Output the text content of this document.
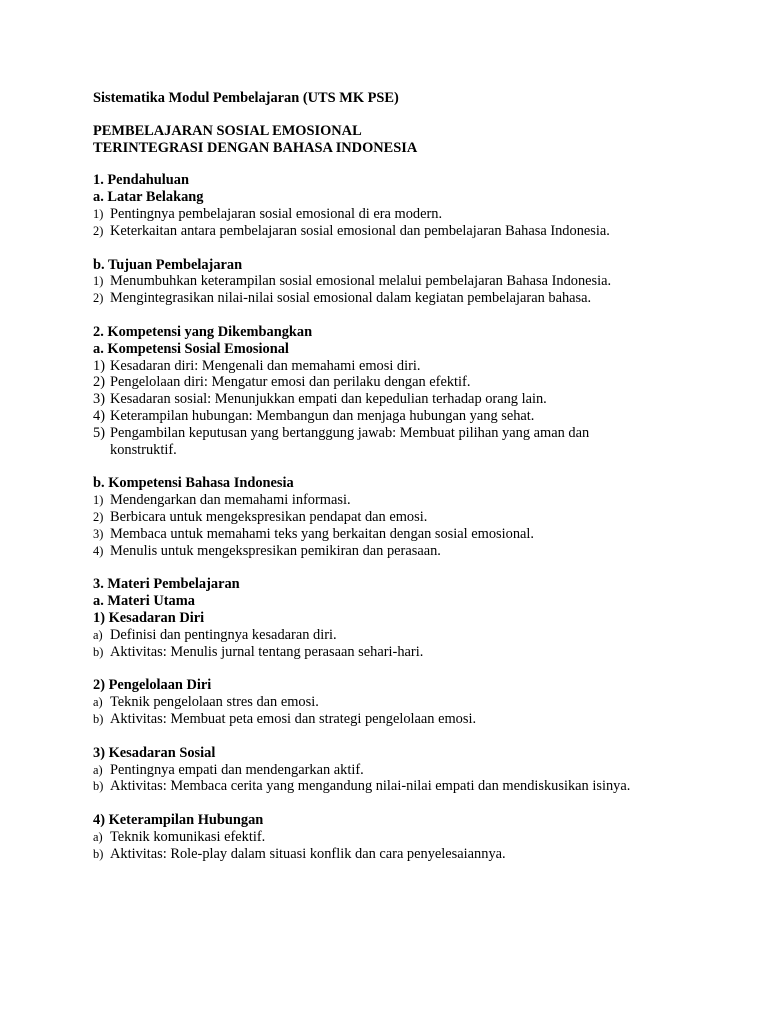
Sistematika Modul Pembelajaran (UTS MK PSE)
PEMBELAJARAN SOSIAL EMOSIONAL
TERINTEGRASI DENGAN BAHASA INDONESIA
1. Pendahuluan
a. Latar Belakang
1) Pentingnya pembelajaran sosial emosional di era modern.
2) Keterkaitan antara pembelajaran sosial emosional dan pembelajaran Bahasa Indonesia.
b. Tujuan Pembelajaran
1) Menumbuhkan keterampilan sosial emosional melalui pembelajaran Bahasa Indonesia.
2) Mengintegrasikan nilai-nilai sosial emosional dalam kegiatan pembelajaran bahasa.
2. Kompetensi yang Dikembangkan
a. Kompetensi Sosial Emosional
1) Kesadaran diri: Mengenali dan memahami emosi diri.
2) Pengelolaan diri: Mengatur emosi dan perilaku dengan efektif.
3) Kesadaran sosial: Menunjukkan empati dan kepedulian terhadap orang lain.
4) Keterampilan hubungan: Membangun dan menjaga hubungan yang sehat.
5) Pengambilan keputusan yang bertanggung jawab: Membuat pilihan yang aman dan konstruktif.
b. Kompetensi Bahasa Indonesia
1) Mendengarkan dan memahami informasi.
2) Berbicara untuk mengekspresikan pendapat dan emosi.
3) Membaca untuk memahami teks yang berkaitan dengan sosial emosional.
4) Menulis untuk mengekspresikan pemikiran dan perasaan.
3. Materi Pembelajaran
a. Materi Utama
1) Kesadaran Diri
a) Definisi dan pentingnya kesadaran diri.
b) Aktivitas: Menulis jurnal tentang perasaan sehari-hari.
2) Pengelolaan Diri
a) Teknik pengelolaan stres dan emosi.
b) Aktivitas: Membuat peta emosi dan strategi pengelolaan emosi.
3) Kesadaran Sosial
a) Pentingnya empati dan mendengarkan aktif.
b) Aktivitas: Membaca cerita yang mengandung nilai-nilai empati dan mendiskusikan isinya.
4) Keterampilan Hubungan
a) Teknik komunikasi efektif.
b) Aktivitas: Role-play dalam situasi konflik dan cara penyelesaiannya.
